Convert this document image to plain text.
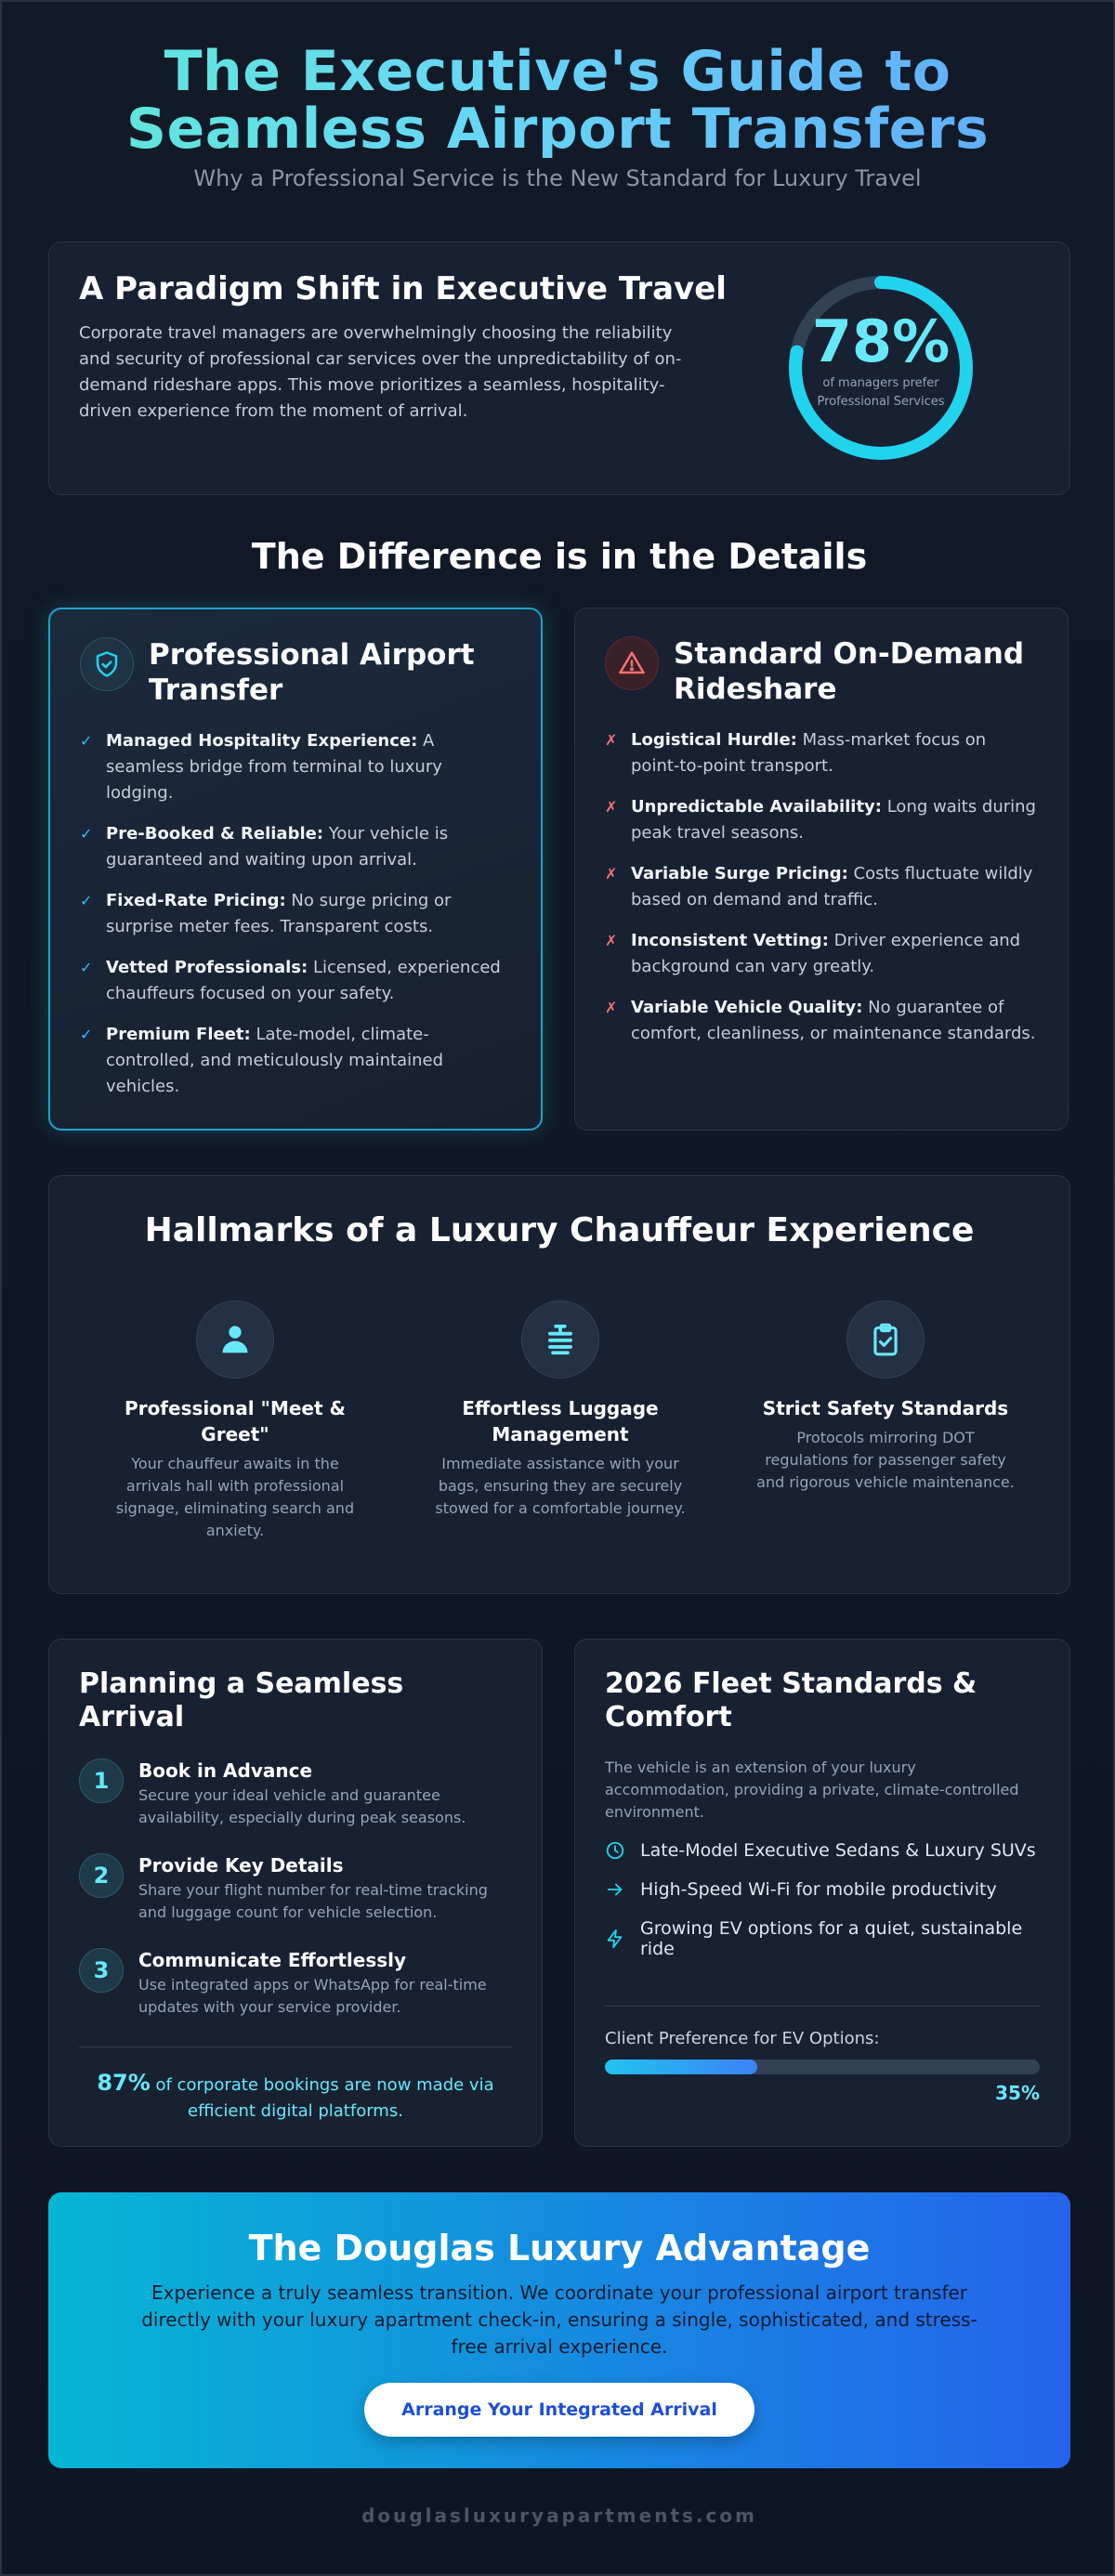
The Executive's Guide to
Seamless Airport Transfers
Why a Professional Service is the New Standard for Luxury Travel
A Paradigm Shift in Executive Travel

Corporate travel managers are overwhelmingly choosing the reliability and security of professional car services over the unpredictability of on-demand rideshare apps. This move prioritizes a seamless, hospitality-driven experience from the moment of arrival.

78%
of managers prefer
Professional Services
The Difference is in the Details
Professional Airport Transfer
✓ Managed Hospitality Experience: A seamless bridge from terminal to luxury lodging.
✓ Pre-Booked & Reliable: Your vehicle is guaranteed and waiting upon arrival.
✓ Fixed-Rate Pricing: No surge pricing or surprise meter fees. Transparent costs.
✓ Vetted Professionals: Licensed, experienced chauffeurs focused on your safety.
✓ Premium Fleet: Late-model, climate-controlled, and meticulously maintained vehicles.
Standard On-Demand Rideshare
✗ Logistical Hurdle: Mass-market focus on point-to-point transport.
✗ Unpredictable Availability: Long waits during peak travel seasons.
✗ Variable Surge Pricing: Costs fluctuate wildly based on demand and traffic.
✗ Inconsistent Vetting: Driver experience and background can vary greatly.
✗ Variable Vehicle Quality: No guarantee of comfort, cleanliness, or maintenance standards.
Hallmarks of a Luxury Chauffeur Experience
Professional "Meet & Greet"

Your chauffeur awaits in the arrivals hall with professional signage, eliminating search and anxiety.

Effortless Luggage Management

Immediate assistance with your bags, ensuring they are securely stowed for a comfortable journey.

Strict Safety Standards

Protocols mirroring DOT regulations for passenger safety and rigorous vehicle maintenance.

Planning a Seamless Arrival
1	Book in Advance
Secure your ideal vehicle and guarantee availability, especially during peak seasons.
2	Provide Key Details
Share your flight number for real-time tracking and luggage count for vehicle selection.
3	Communicate Effortlessly
Use integrated apps or WhatsApp for real-time updates with your service provider.
87% of corporate bookings are now made via efficient digital platforms.
2026 Fleet Standards & Comfort

The vehicle is an extension of your luxury accommodation, providing a private, climate-controlled environment.

Late-Model Executive Sedans & Luxury SUVs
High-Speed Wi-Fi for mobile productivity
Growing EV options for a quiet, sustainable ride
Client Preference for EV Options:
35%
The Douglas Luxury Advantage

Experience a truly seamless transition. We coordinate your professional airport transfer directly with your luxury apartment check-in, ensuring a single, sophisticated, and stress-free arrival experience.

Arrange Your Integrated Arrival
douglasluxuryapartments.com
